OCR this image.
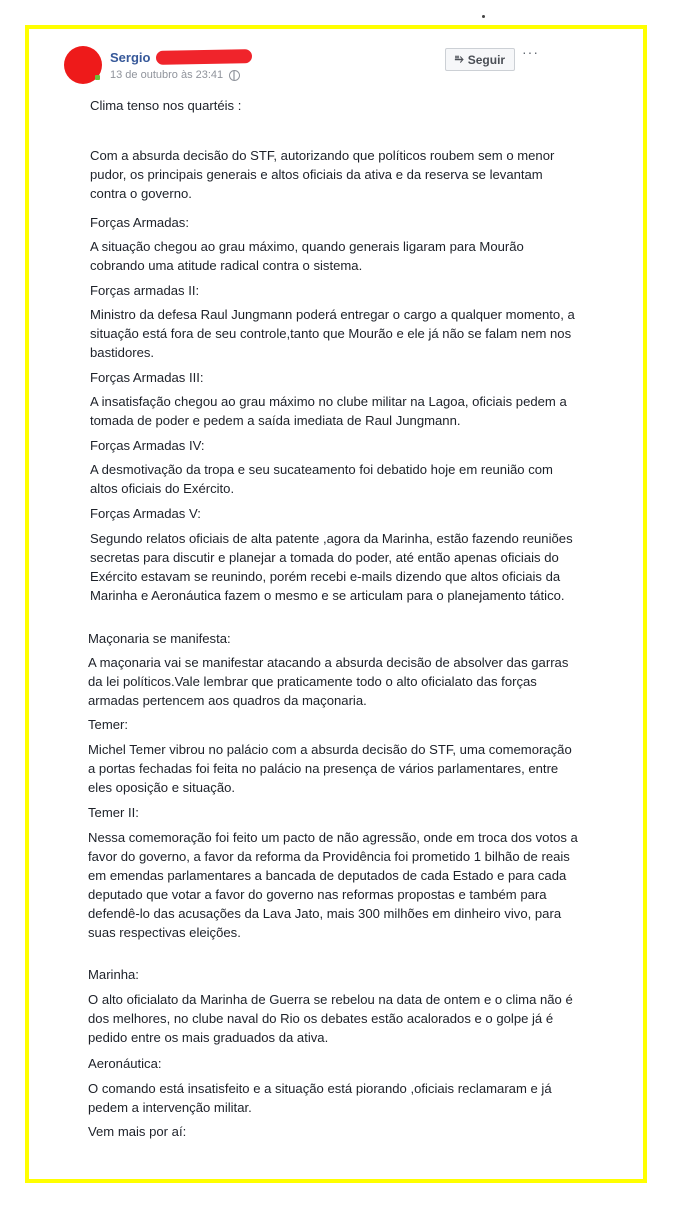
Sergio
13 de outubro às 23:41
⥱ Seguir ···

Clima tenso nos quartéis :

Com a absurda decisão do STF, autorizando que políticos roubem sem o menor pudor, os principais generais e altos oficiais da ativa e da reserva se levantam contra o governo.

Forças Armadas:

A situação chegou ao grau máximo, quando generais ligaram para Mourão cobrando uma atitude radical contra o sistema.

Forças armadas II:

Ministro da defesa Raul Jungmann poderá entregar o cargo a qualquer momento, a situação está fora de seu controle,tanto que Mourão e ele já não se falam nem nos bastidores.

Forças Armadas III:

A insatisfação chegou ao grau máximo no clube militar na Lagoa, oficiais pedem a tomada de poder e pedem a saída imediata de Raul Jungmann.

Forças Armadas IV:

A desmotivação da tropa e seu sucateamento foi debatido hoje em reunião com altos oficiais do Exército.

Forças Armadas V:

Segundo relatos oficiais de alta patente ,agora da Marinha, estão fazendo reuniões secretas para discutir e planejar a tomada do poder, até então apenas oficiais do Exército estavam se reunindo, porém recebi e-mails dizendo que altos oficiais da Marinha e Aeronáutica fazem o mesmo e se articulam para o planejamento tático.

Maçonaria se manifesta:

A maçonaria vai se manifestar atacando a absurda decisão de absolver das garras da lei políticos.Vale lembrar que praticamente todo o alto oficialato das forças armadas pertencem aos quadros da maçonaria.

Temer:

Michel Temer vibrou no palácio com a absurda decisão do STF, uma comemoração a portas fechadas foi feita no palácio na presença de vários parlamentares, entre eles oposição e situação.

Temer II:

Nessa comemoração foi feito um pacto de não agressão, onde em troca dos votos a favor do governo, a favor da reforma da Providência foi prometido 1 bilhão de reais em emendas parlamentares a bancada de deputados de cada Estado e para cada deputado que votar a favor do governo nas reformas propostas e também para defendê-lo das acusações da Lava Jato, mais 300 milhões em dinheiro vivo, para suas respectivas eleições.

Marinha:

O alto oficialato da Marinha de Guerra se rebelou na data de ontem e o clima não é dos melhores, no clube naval do Rio os debates estão acalorados e o golpe já é pedido entre os mais graduados da ativa.

Aeronáutica:

O comando está insatisfeito e a situação está piorando ,oficiais reclamaram e já pedem a intervenção militar.

Vem mais por aí:
